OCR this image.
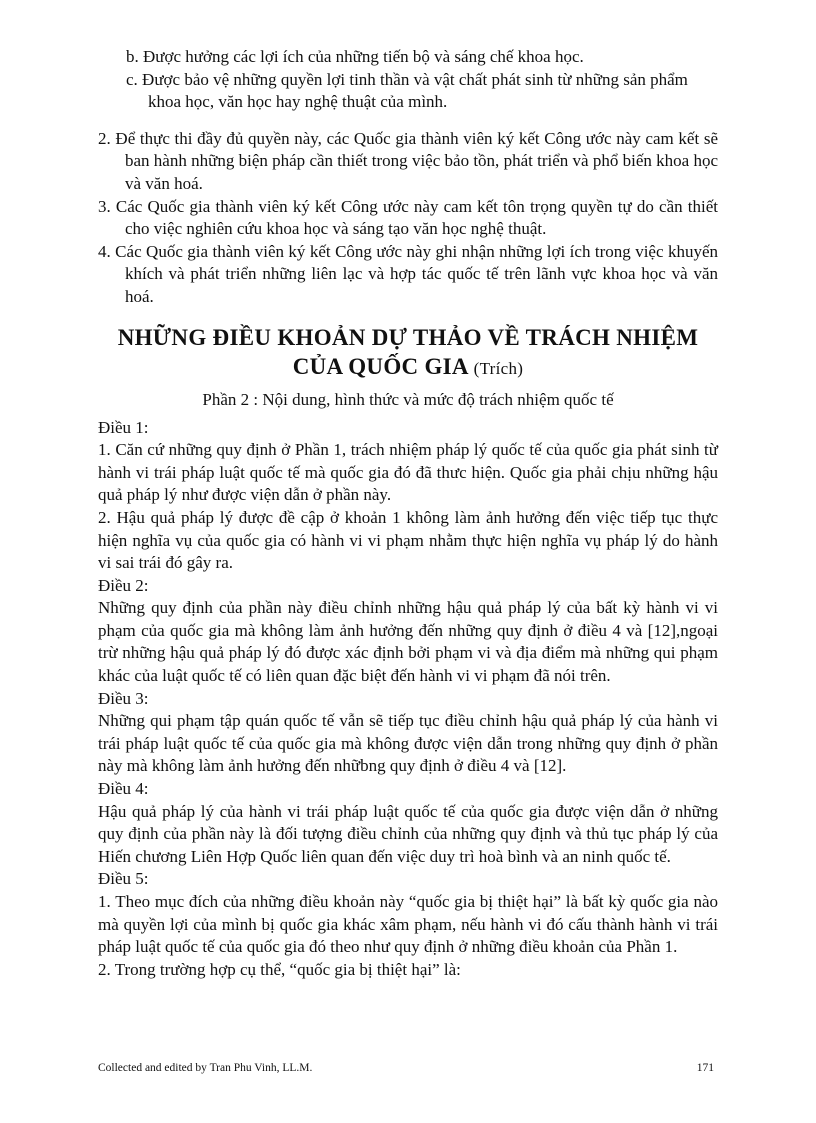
b. Được hưởng các lợi ích của những tiến bộ và sáng chế khoa học.

c. Được bảo vệ những quyền lợi tinh thần và vật chất phát sinh từ những sản phẩm khoa học, văn học hay nghệ thuật của mình.

2. Để thực thi đầy đủ quyền này, các Quốc gia thành viên ký kết Công ước này cam kết sẽ ban hành những biện pháp cần thiết trong việc bảo tồn, phát triển và phổ biến khoa học và văn hoá.

3. Các Quốc gia thành viên ký kết Công ước này cam kết tôn trọng quyền tự do cần thiết cho việc nghiên cứu khoa học và sáng tạo văn học nghệ thuật.

4. Các Quốc gia thành viên ký kết Công ước này ghi nhận những lợi ích trong việc khuyến khích và phát triển những liên lạc và hợp tác quốc tế trên lãnh vực khoa học và văn hoá.

NHỮNG ĐIỀU KHOẢN DỰ THẢO VỀ TRÁCH NHIỆM
CỦA QUỐC GIA (Trích)

Phần 2 : Nội dung, hình thức và mức độ trách nhiệm quốc tế

Điều 1:

1. Căn cứ những quy định ở Phần 1, trách nhiệm pháp lý quốc tế của quốc gia phát sinh từ hành vi trái pháp luật quốc tế mà quốc gia đó đã thưc hiện. Quốc gia phải chịu những hậu quả pháp lý như được viện dẫn ở phần này.

2. Hậu quả pháp lý được đề cập ở khoản 1 không làm ảnh hưởng đến việc tiếp tục thực hiện nghĩa vụ của quốc gia có hành vi vi phạm nhằm thực hiện nghĩa vụ pháp lý do hành vi sai trái đó gây ra.

Điều 2:

Những quy định của phần này điều chỉnh những hậu quả pháp lý của bất kỳ hành vi vi phạm của quốc gia mà không làm ảnh hưởng đến những quy định ở điều 4 và [12],ngoại trừ những hậu quả pháp lý đó được xác định bởi phạm vi và địa điểm mà những qui phạm khác của luật quốc tế có liên quan đặc biệt đến hành vi vi phạm đã nói trên.

Điều 3:

Những qui phạm tập quán quốc tế vẫn sẽ tiếp tục điều chỉnh hậu quả pháp lý của hành vi trái pháp luật quốc tế của quốc gia mà không được viện dẫn trong những quy định ở phần này mà không làm ảnh hưởng đến nhữbng quy định ở điều 4 và [12].

Điều 4:

Hậu quả pháp lý của hành vi trái pháp luật quốc tế của quốc gia được viện dẫn ở những quy định của phần này là đối tượng điều chỉnh của những quy định và thủ tục pháp lý của Hiến chương Liên Hợp Quốc liên quan đến việc duy trì hoà bình và an ninh quốc tế.

Điều 5:

1. Theo mục đích của những điều khoản này “quốc gia bị thiệt hại” là bất kỳ quốc gia nào mà quyền lợi của mình bị quốc gia khác xâm phạm, nếu hành vi đó cấu thành hành vi trái pháp luật quốc tế của quốc gia đó theo như quy định ở những điều khoản của Phần 1.

2. Trong trường hợp cụ thể, “quốc gia bị thiệt hại” là:

Collected and edited by Tran Phu Vinh, LL.M.	171
